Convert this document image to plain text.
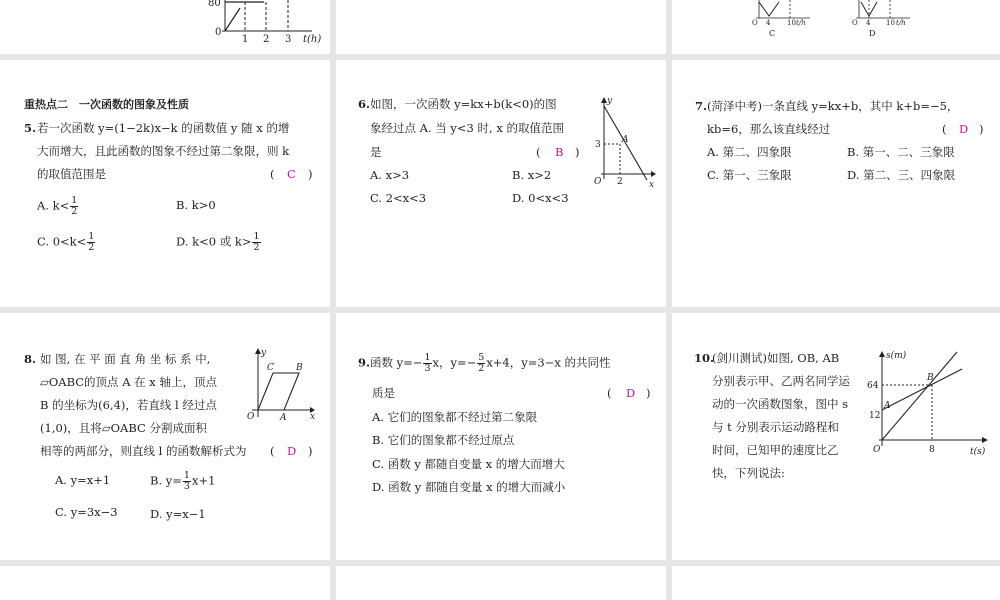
80
0
1 2 3 t(h)
O 4 10 t/h
C
O 4 10 t/h
D
重热点二　一次函数的图象及性质
5. 若一次函数 y=(1−2k)x−k 的函数值 y 随 x 的增
大而增大，且此函数的图象不经过第二象限，则 k
的取值范围是	( C )
A. $k< \frac{1}{2}$	B. k>0
C. $0<k< \frac{1}{2}$	D. k<0 或 $k> \frac{1}{2}$
6. 如图，一次函数 y=kx+b(k<0)的图
象经过点 A. 当 y<3 时, x 的取值范围
是	( B )
A. x>3	B. x>2
C. 2<x<3	D. 0<x<3
y
x
O
A
3
2
7. (菏泽中考)一条直线 y=kx+b，其中 k+b=−5，
kb=6，那么该直线经过	( D )
A. 第二、四象限	B. 第一、二、三象限
C. 第一、三象限	D. 第二、三、四象限
8. 如 图, 在 平 面 直 角 坐 标 系 中,
▱OABC的顶点 A 在 x 轴上，顶点
B 的坐标为(6,4)，若直线 l 经过点
(1,0)，且将▱OABC 分割成面积
相等的两部分，则直线 l 的函数解析式为 ( D )
A. y=x+1	B. $y= \frac{1}{3} x+1$
C. y=3x−3	D. y=x−1
y
x
O	A
B
C	9.函数 $y=- \frac{1}{3}$ x，$y=- \frac{5}{2} x+4$，y=3−x 的共同性
质是	( D )
A. 它们的图象都不经过第二象限
B. 它们的图象都不经过原点
C. 函数 y 都随自变量 x 的增大而增大
D. 函数 y 都随自变量 x 的增大而减小
10.
(剑川测试)如图, OB, AB
分别表示甲、乙两名同学运
动的一次函数图象，图中 s
与 t 分别表示运动路程和
时间，已知甲的速度比乙
快，下列说法:
s(m)
t(s)
O
A
B
64
12
8
